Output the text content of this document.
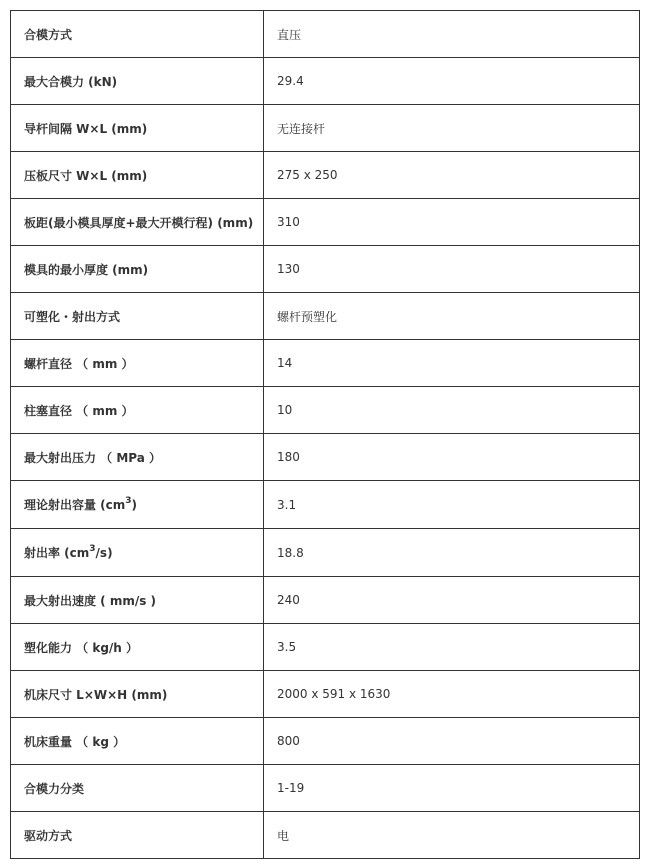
合模方式	直压
最大合模力 (kN)	29.4
导杆间隔 W×L (mm)	无连接杆
压板尺寸 W×L (mm)	275 x 250
板距(最小模具厚度+最大开模行程) (mm)	310
模具的最小厚度 (mm)	130
可塑化・射出方式	螺杆预塑化
螺杆直径 （ mm ）	14
柱塞直径 （ mm ）	10
最大射出压力 （ MPa ）	180
理论射出容量 $(cm^3)$	3.1
射出率 $(cm^3/s)$	18.8
最大射出速度 ( mm/s )	240
塑化能力 （ kg/h ）	3.5
机床尺寸 L×W×H (mm)	2000 x 591 x 1630
机床重量 （ kg ）	800
合模力分类	1-19
驱动方式	电
